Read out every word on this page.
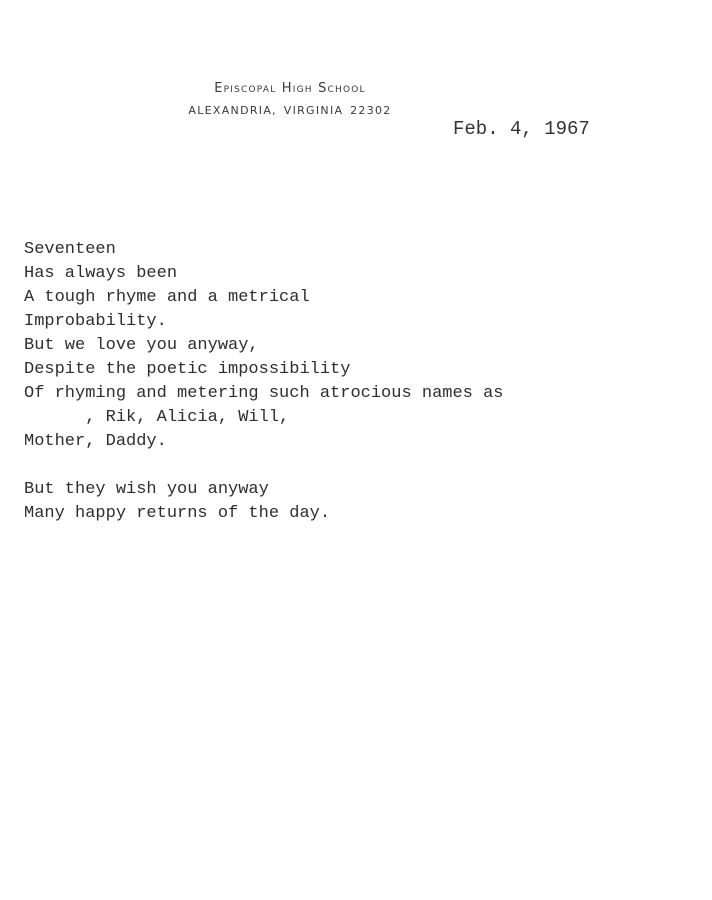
Episcopal High School
ALEXANDRIA, VIRGINIA 22302
Feb. 4, 1967
Seventeen
Has always been
A tough rhyme and a metrical
Improbability.
But we love you anyway,
Despite the poetic impossibility
Of rhyming and metering such atrocious names as
, Rik, Alicia, Will,
Mother, Daddy.
But they wish you anyway
Many happy returns of the day.
